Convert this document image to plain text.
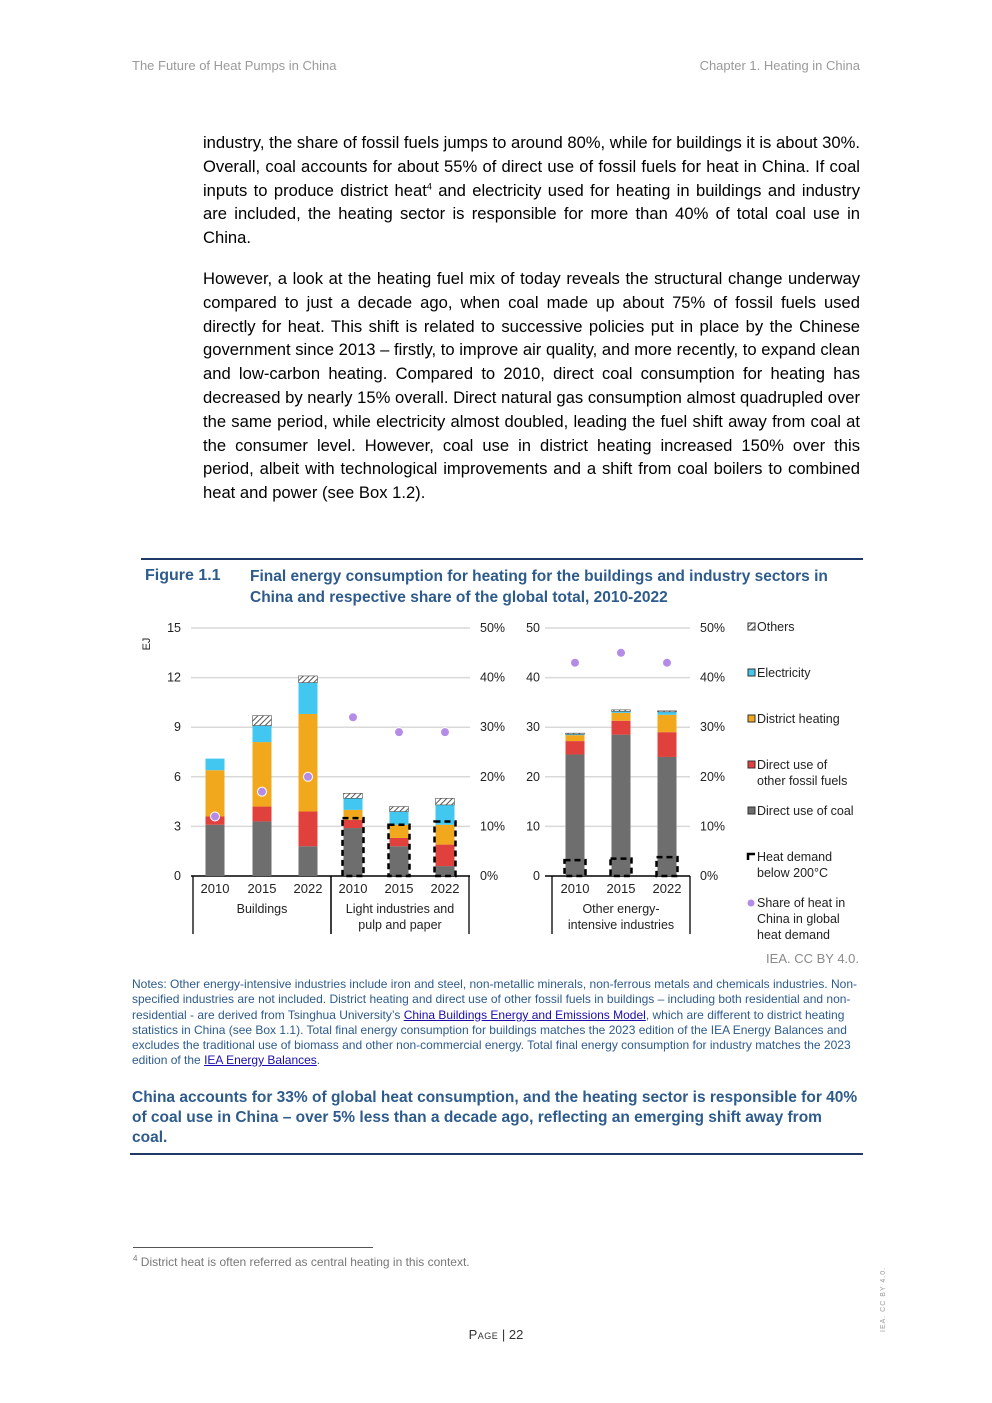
The Future of Heat Pumps in China	Chapter 1. Heating in China

industry, the share of fossil fuels jumps to around 80%, while for buildings it is about 30%. Overall, coal accounts for about 55% of direct use of fossil fuels for heat in China. If coal inputs to produce district heat$^4$ and electricity used for heating in buildings and industry are included, the heating sector is responsible for more than 40% of total coal use in China.

However, a look at the heating fuel mix of today reveals the structural change underway compared to just a decade ago, when coal made up about 75% of fossil fuels used directly for heat. This shift is related to successive policies put in place by the Chinese government since 2013 – firstly, to improve air quality, and more recently, to expand clean and low-carbon heating. Compared to 2010, direct coal consumption for heating has decreased by nearly 15% overall. Direct natural gas consumption almost quadrupled over the same period, while electricity almost doubled, leading the fuel shift away from coal at the consumer level. However, coal use in district heating increased 150% over this period, albeit with technological improvements and a shift from coal boilers to combined heat and power (see Box 1.2).

Figure 1.1 Final energy consumption for heating for the buildings and industry sectors in China and respective share of the global total, 2010-2022
0
3
6
9
12
15
0%
10%
20%
30%
40%
50%
2010 2015 2022
Buildings
2010 2015 2022
Light industries and
pulp and paper
0
10
20
30
40
50
0%
10%
20%
30%
40%
50%
2010 2015 2022
Other energy-
intensive industries
EJ
Others
Electricity
District heating
Direct use of
other fossil fuels
Direct use of coal
Heat demand
below 200°C
Share of heat in
China in global
heat demand
IEA. CC BY 4.0.

Notes: Other energy-intensive industries include iron and steel, non-metallic minerals, non-ferrous metals and chemicals industries. Non-specified industries are not included. District heating and direct use of other fossil fuels in buildings – including both residential and non-residential - are derived from Tsinghua University’s China Buildings Energy and Emissions Model, which are different to district heating statistics in China (see Box 1.1). Total final energy consumption for buildings matches the 2023 edition of the IEA Energy Balances and excludes the traditional use of biomass and other non-commercial energy. Total final energy consumption for industry matches the 2023 edition of the IEA Energy Balances.

China accounts for 33% of global heat consumption, and the heating sector is responsible for 40% of coal use in China – over 5% less than a decade ago, reflecting an emerging shift away from coal.

$^4$ District heat is often referred as central heating in this context.
Page | 22
IEA. CC BY 4.0.
